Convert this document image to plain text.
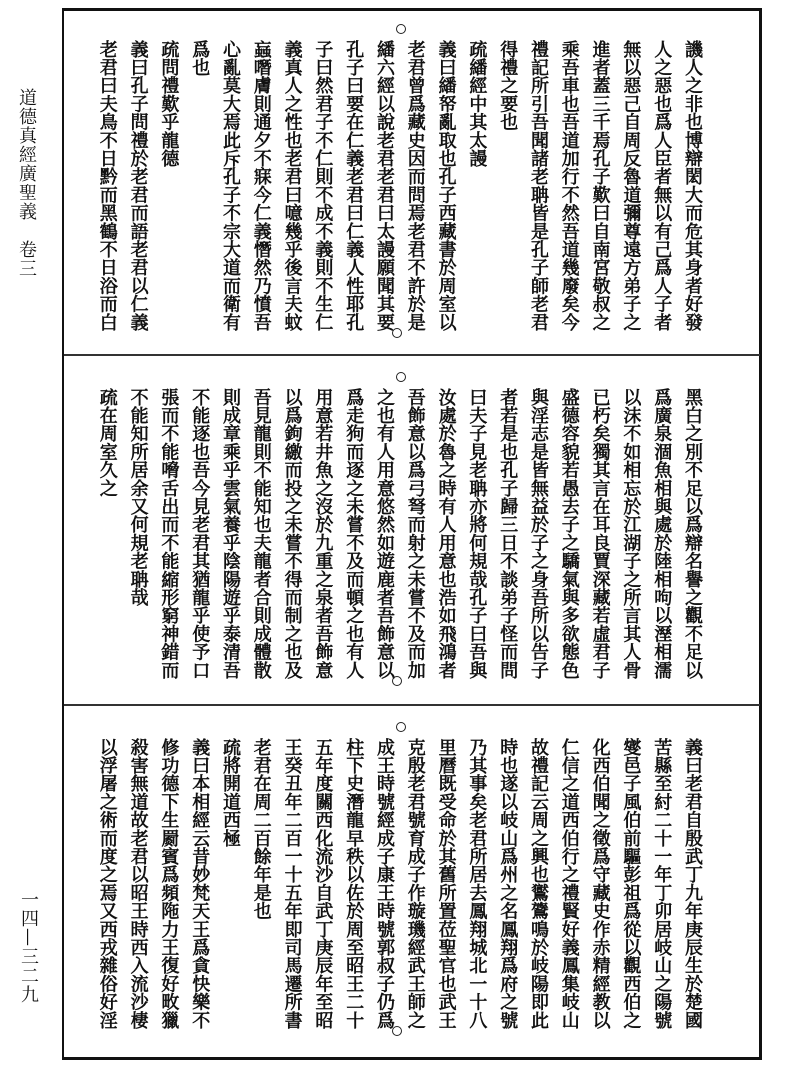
道德真經廣聖義　卷三
一四—三二九
譏人之非也博辯閎大而危其身者好發
人之惡也爲人臣者無以有己爲人子者
無以惡己自周反魯道彌尊遠方弟子之
進者蓋三千焉孔子歎曰自南宮敬叔之
乘吾車也吾道加行不然吾道幾廢矣今
禮記所引吾聞諸老聃皆是孔子師老君
得禮之要也
疏繙經中其太謾
義曰繙帑亂取也孔子西藏書於周室以
老君曾爲藏史因而問焉老君不許於是
繙六經以說老君老君曰太謾願聞其要
孔子曰要在仁義老君曰仁義人性耶孔
子曰然君子不仁則不成不義則不生仁
義真人之性也老君曰噫幾乎後言夫蚊
蝱噆膚則通夕不寐今仁義憯然乃憤吾
心亂莫大焉此斥孔子不宗大道而衛有
爲也
疏問禮歎乎龍德
義曰孔子問禮於老君而語老君以仁義
老君曰夫鳥不日黔而黑鶴不日浴而白
黑白之別不足以爲辯名譽之觀不足以
爲廣泉涸魚相與處於陸相呴以溼相濡
以沫不如相忘於江湖子之所言其人骨
已朽矣獨其言在耳良賈深藏若虛君子
盛德容貌若愚去子之驕氣與多欲態色
與淫志是皆無益於子之身吾所以告子
者若是也孔子歸三日不談弟子怪而問
曰夫子見老聃亦將何規哉孔子曰吾與
汝處於魯之時有人用意也浩如飛鴻者
吾飾意以爲弓弩而射之未嘗不及而加
之也有人用意悠然如遊鹿者吾飾意以
爲走狗而逐之未嘗不及而頓之也有人
用意若井魚之沒於九重之泉者吾飾意
以爲鉤繳而投之未嘗不得而制之也及
吾見龍則不能知也夫龍者合則成體散
則成章乘乎雲氣養乎陰陽遊乎泰清吾
不能逐也吾今見老君其猶龍乎使予口
張而不能嗋舌出而不能縮形窮神錯而
不能知所居余又何規老聃哉
疏在周室久之
義曰老君自殷武丁九年庚辰生於楚國
苦縣至紂二十一年丁卯居岐山之陽號
燮邑子風伯前驅彭祖爲從以觀西伯之
化西伯聞之徵爲守藏史作赤精經教以
仁信之道西伯行之禮賢好義鳳集岐山
故禮記云周之興也鸑鷟鳴於岐陽即此
時也遂以岐山爲州之名鳳翔爲府之號
乃其事矣老君所居去鳳翔城北一十八
里曆既受命於其舊所置莅聖官也武王
克殷老君號育成子作璇璣經武王師之
成王時號經成子康王時號郭叔子仍爲
柱下史潛龍早秩以佐於周至昭王二十
五年度關西化流沙自武丁庚辰年至昭
王癸丑年二百一十五年即司馬遷所書
老君在周二百餘年是也
疏將開道西極
義曰本相經云昔妙梵天王爲貪快樂不
修功德下生罽賓爲頻陁力王復好畋獵
殺害無道故老君以昭王時西入流沙棲
以浮屠之術而度之焉又西戎雜俗好淫
